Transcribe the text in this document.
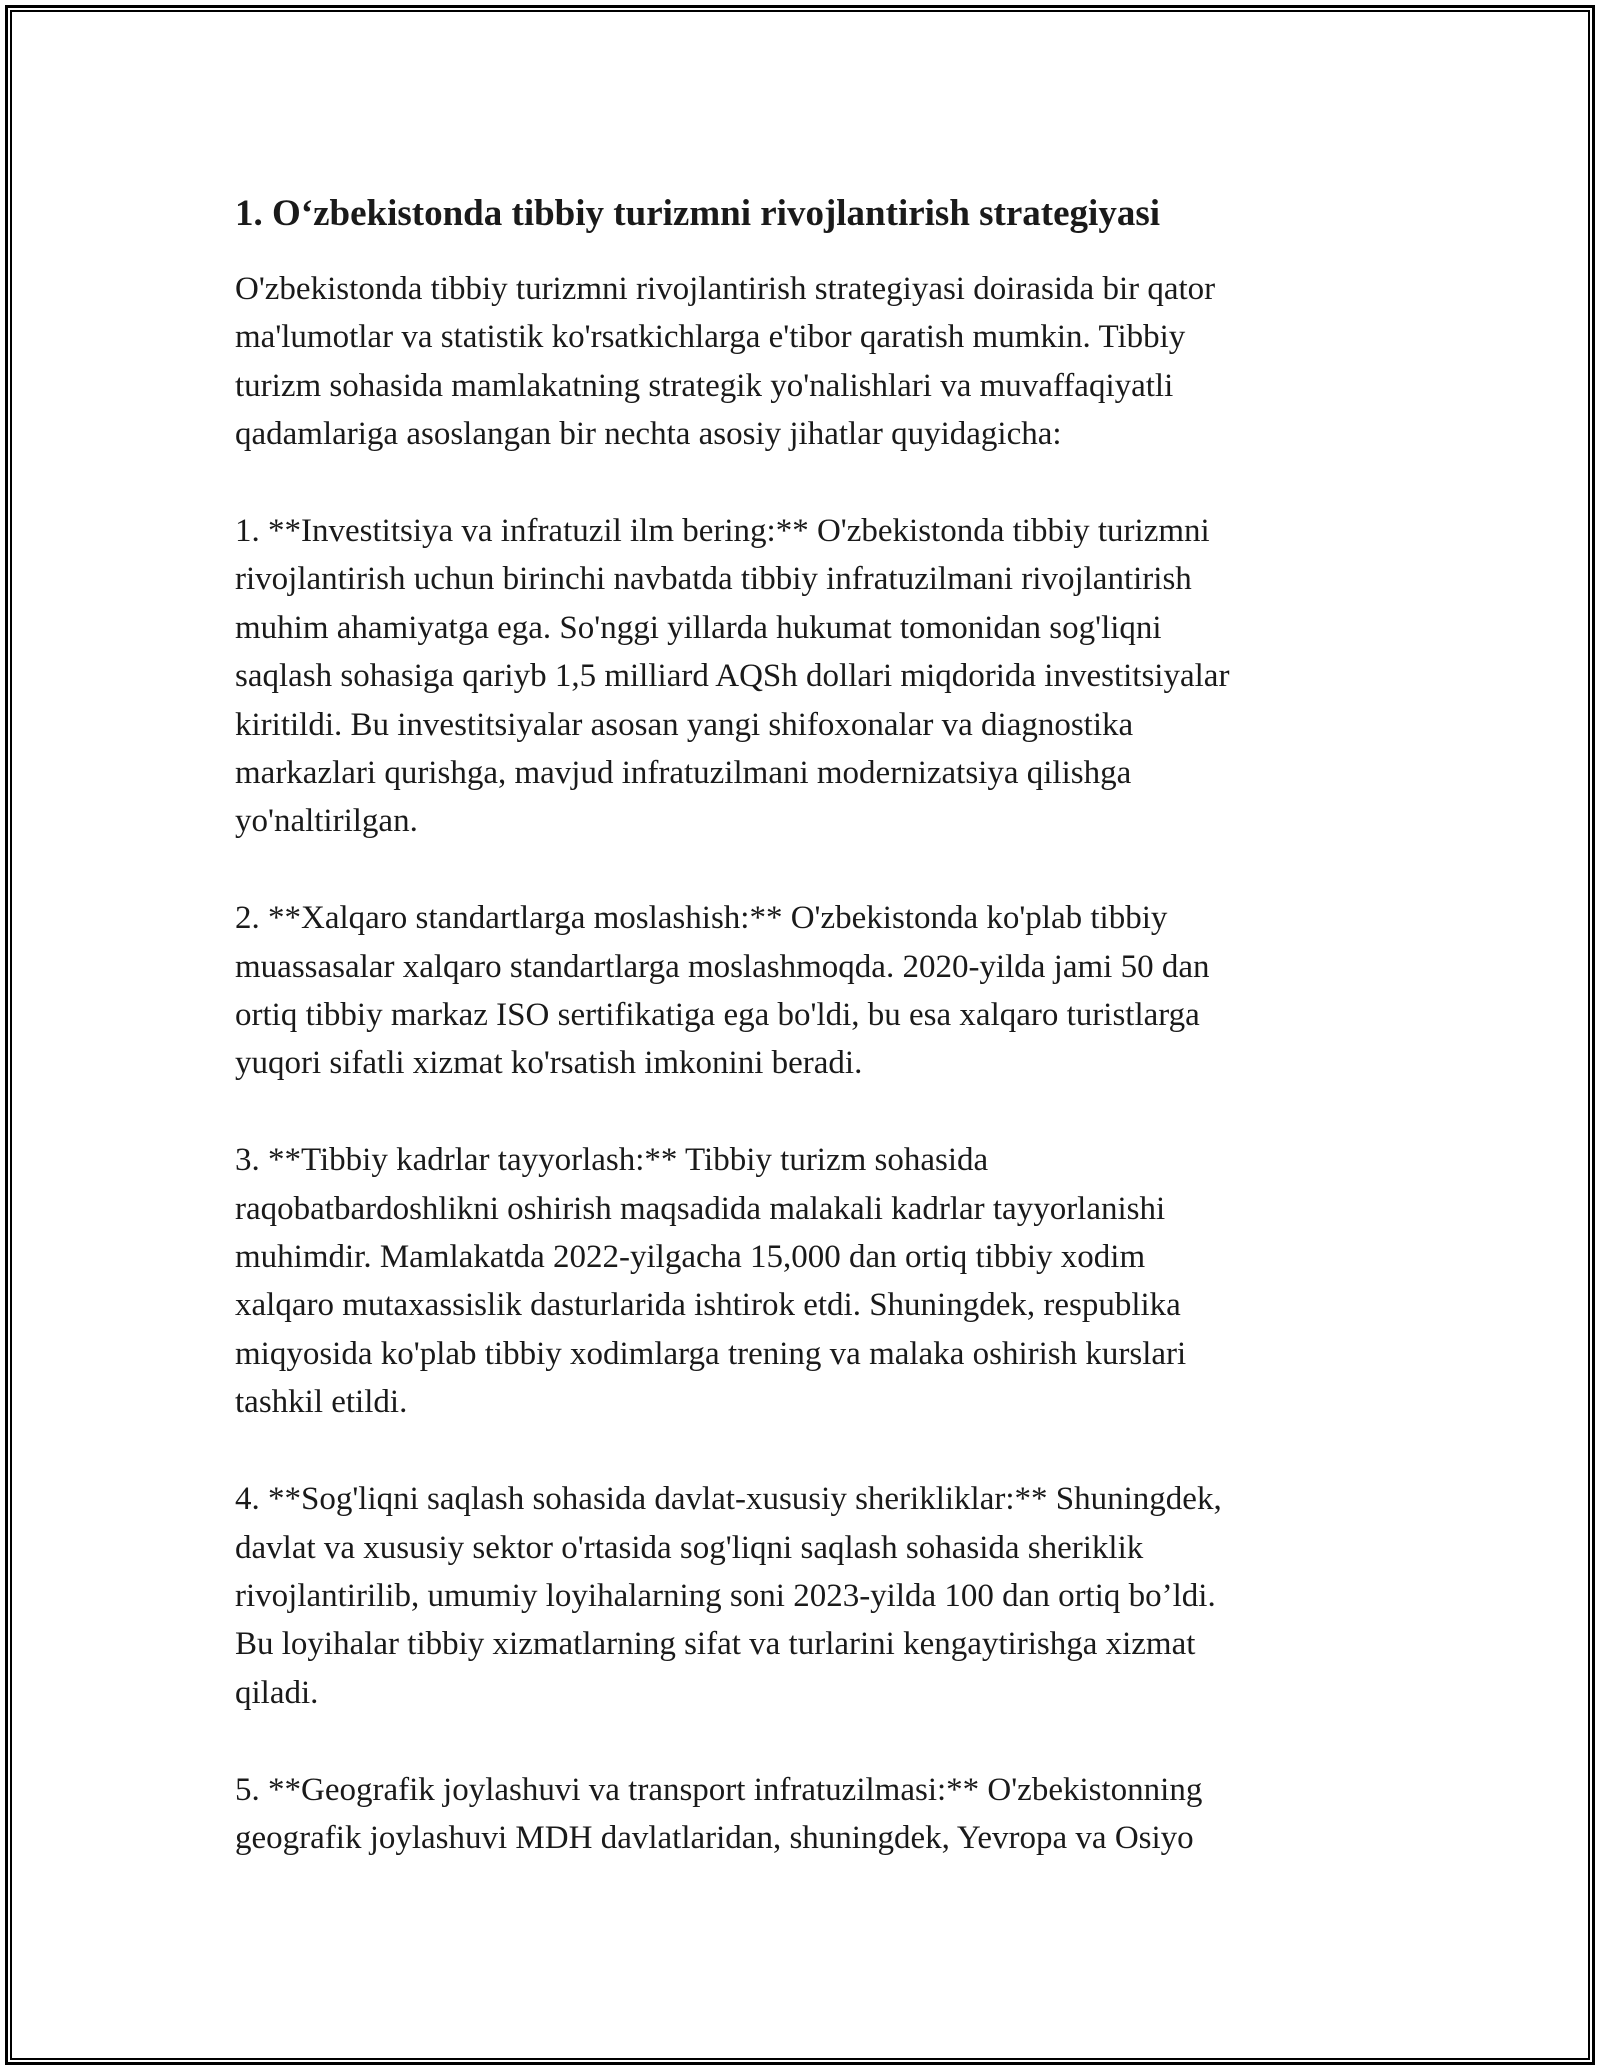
1. O‘zbekistonda tibbiy turizmni rivojlantirish strategiyasi
O'zbekistonda tibbiy turizmni rivojlantirish strategiyasi doirasida bir qator
ma'lumotlar va statistik ko'rsatkichlarga e'tibor qaratish mumkin. Tibbiy
turizm sohasida mamlakatning strategik yo'nalishlari va muvaffaqiyatli
qadamlariga asoslangan bir nechta asosiy jihatlar quyidagicha:
1. **Investitsiya va infratuzil ilm bering:** O'zbekistonda tibbiy turizmni
rivojlantirish uchun birinchi navbatda tibbiy infratuzilmani rivojlantirish
muhim ahamiyatga ega. So'nggi yillarda hukumat tomonidan sog'liqni
saqlash sohasiga qariyb 1,5 milliard AQSh dollari miqdorida investitsiyalar
kiritildi. Bu investitsiyalar asosan yangi shifoxonalar va diagnostika
markazlari qurishga, mavjud infratuzilmani modernizatsiya qilishga
yo'naltirilgan.
2. **Xalqaro standartlarga moslashish:** O'zbekistonda ko'plab tibbiy
muassasalar xalqaro standartlarga moslashmoqda. 2020-yilda jami 50 dan
ortiq tibbiy markaz ISO sertifikatiga ega bo'ldi, bu esa xalqaro turistlarga
yuqori sifatli xizmat ko'rsatish imkonini beradi.
3. **Tibbiy kadrlar tayyorlash:** Tibbiy turizm sohasida
raqobatbardoshlikni oshirish maqsadida malakali kadrlar tayyorlanishi
muhimdir. Mamlakatda 2022-yilgacha 15,000 dan ortiq tibbiy xodim
xalqaro mutaxassislik dasturlarida ishtirok etdi. Shuningdek, respublika
miqyosida ko'plab tibbiy xodimlarga trening va malaka oshirish kurslari
tashkil etildi.
4. **Sog'liqni saqlash sohasida davlat-xususiy sherikliklar:** Shuningdek,
davlat va xususiy sektor o'rtasida sog'liqni saqlash sohasida sheriklik
rivojlantirilib, umumiy loyihalarning soni 2023-yilda 100 dan ortiq bo’ldi.
Bu loyihalar tibbiy xizmatlarning sifat va turlarini kengaytirishga xizmat
qiladi.
5. **Geografik joylashuvi va transport infratuzilmasi:** O'zbekistonning
geografik joylashuvi MDH davlatlaridan, shuningdek, Yevropa va Osiyo
